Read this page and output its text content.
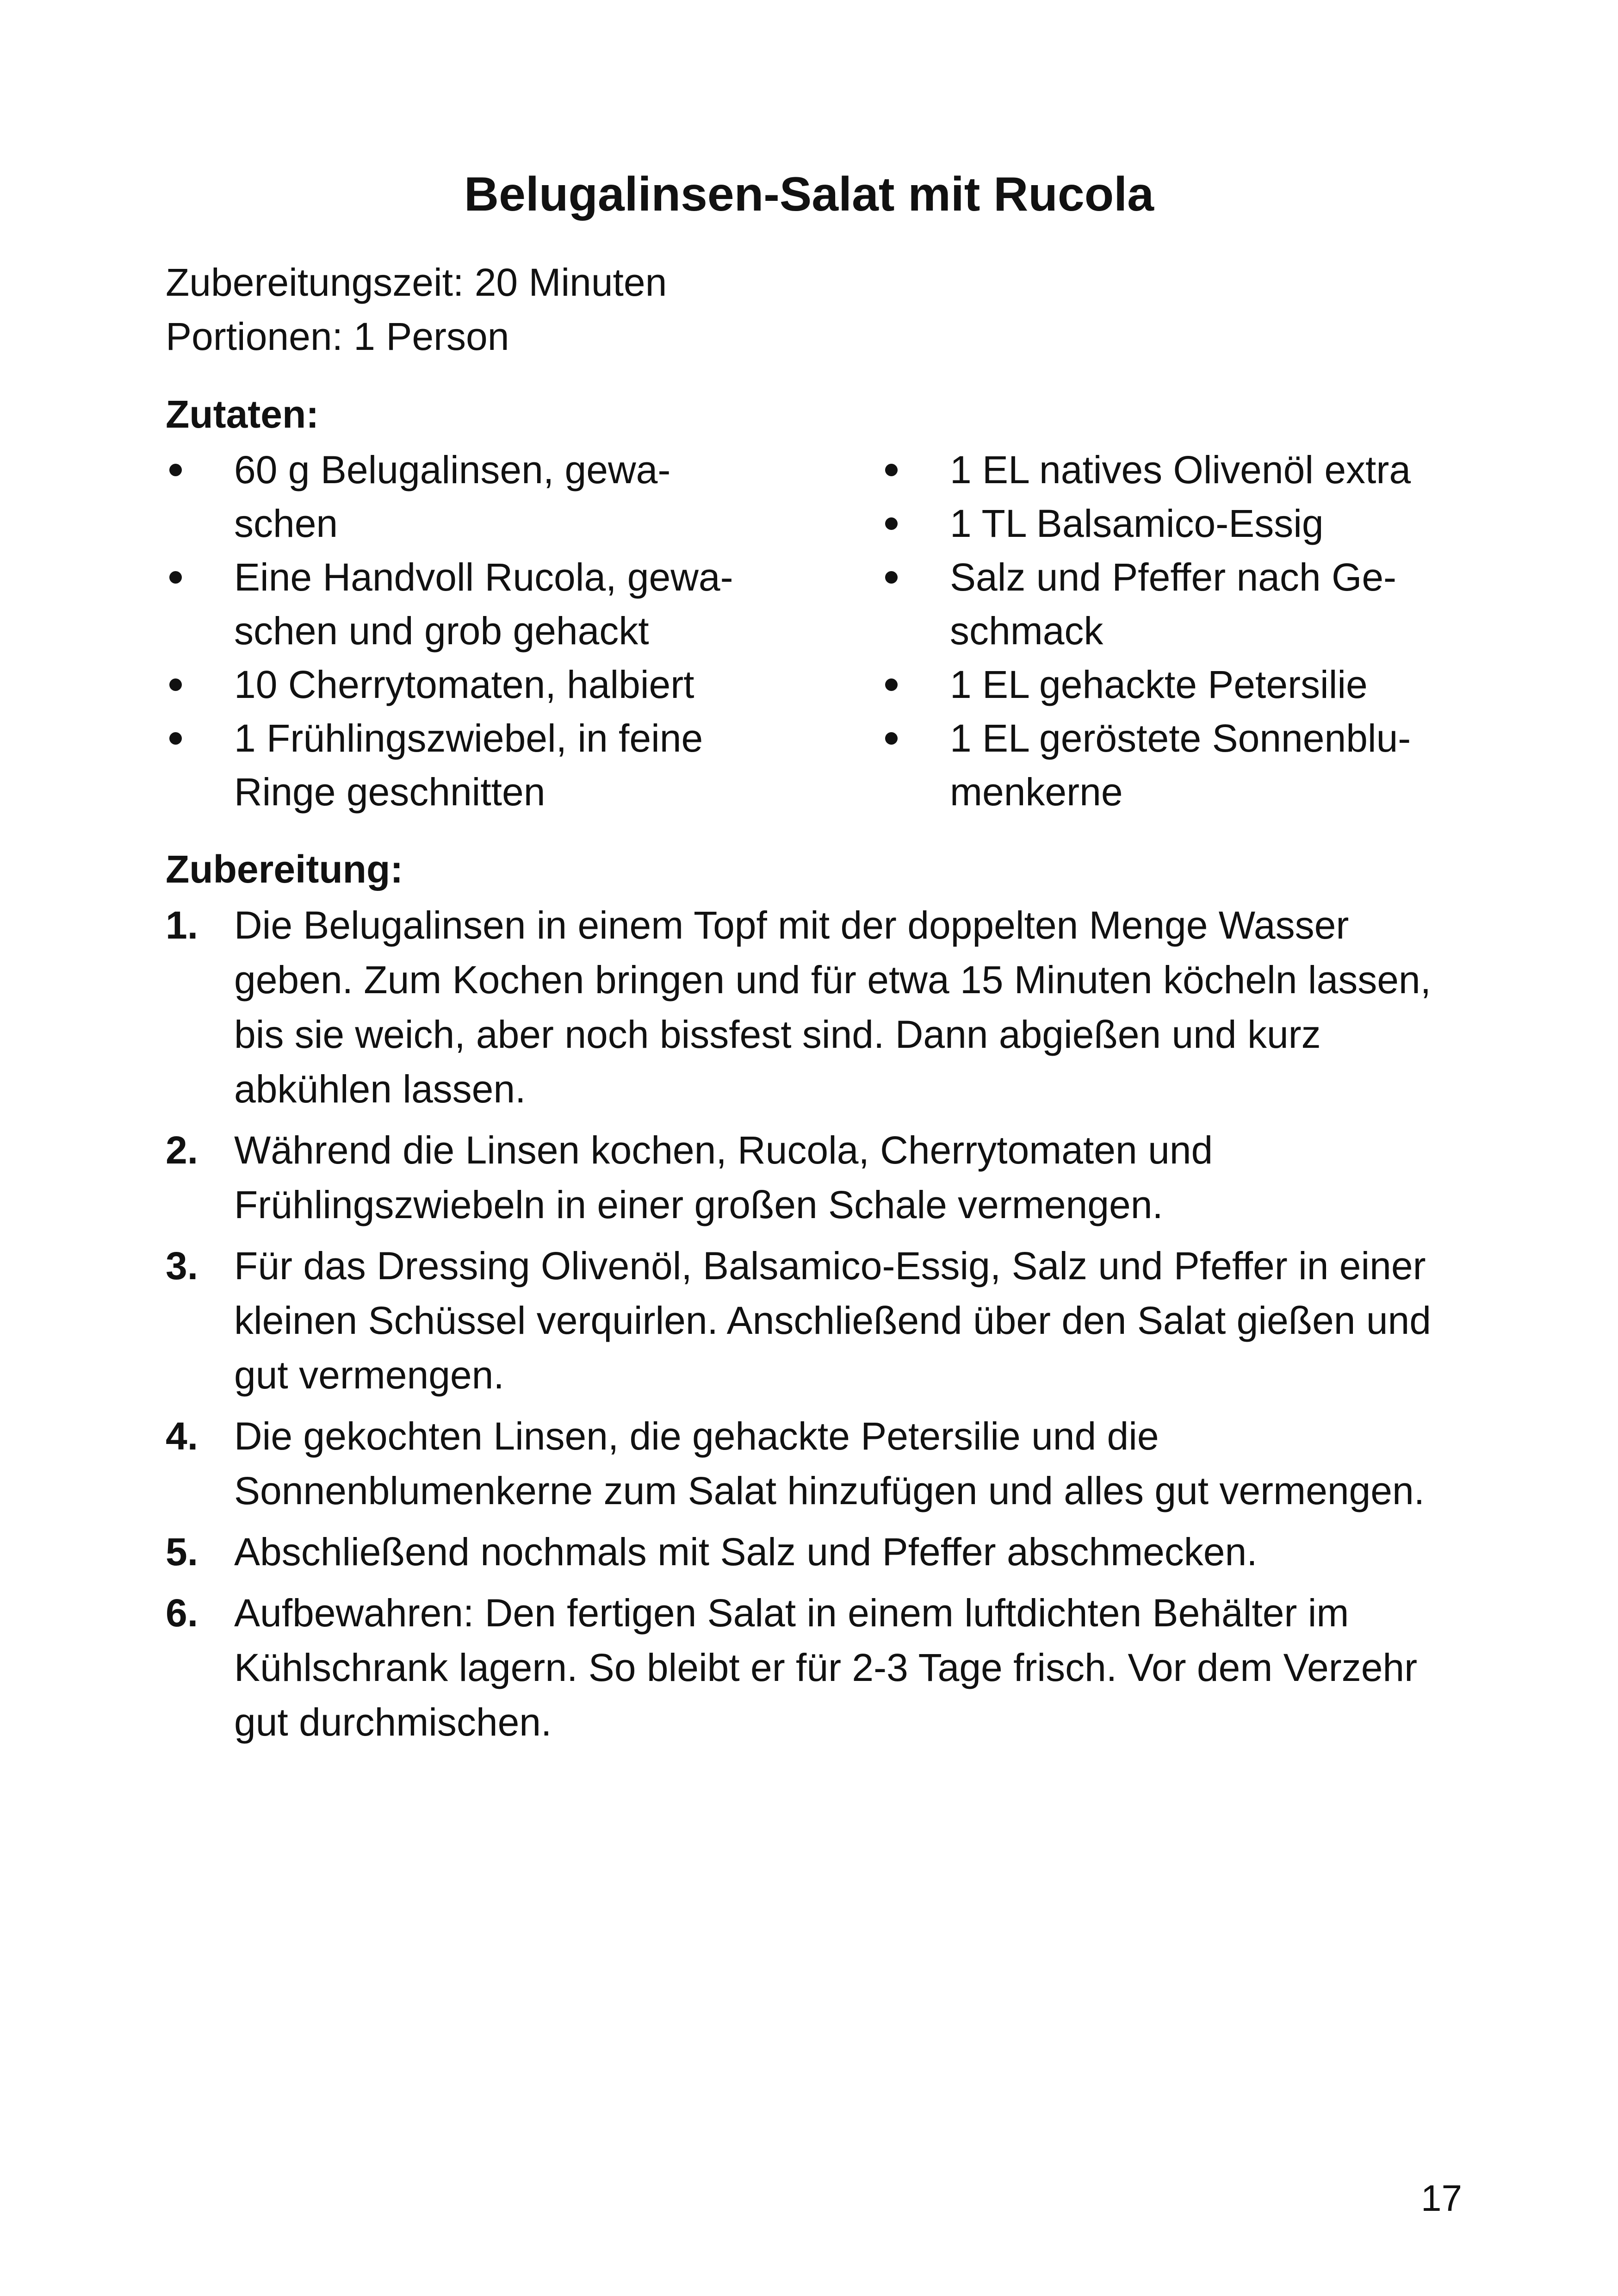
Belugalinsen-Salat mit Rucola
Zubereitungszeit: 20 Minuten
Portionen: 1 Person
Zutaten:
60 g Belugalinsen, gewa-
schen
Eine Handvoll Rucola, gewa-
schen und grob gehackt
10 Cherrytomaten, halbiert
1 Frühlingszwiebel, in feine
Ringe geschnitten
1 EL natives Olivenöl extra
1 TL Balsamico-Essig
Salz und Pfeffer nach Ge-
schmack
1 EL gehackte Petersilie
1 EL geröstete Sonnenblu-
menkerne
Zubereitung:
1. Die Belugalinsen in einem Topf mit der doppelten Menge Wasser geben. Zum Kochen bringen und für etwa 15 Minuten köcheln lassen, bis sie weich, aber noch bissfest sind. Dann abgießen und kurz abkühlen lassen.
2. Während die Linsen kochen, Rucola, Cherrytomaten und Frühlingszwiebeln in einer großen Schale vermengen.
3. Für das Dressing Olivenöl, Balsamico-Essig, Salz und Pfeffer in einer kleinen Schüssel verquirlen. Anschließend über den Salat gießen und gut vermengen.
4. Die gekochten Linsen, die gehackte Petersilie und die Sonnenblumenkerne zum Salat hinzufügen und alles gut vermengen.
5. Abschließend nochmals mit Salz und Pfeffer abschmecken.
6. Aufbewahren: Den fertigen Salat in einem luftdichten Behälter im Kühlschrank lagern. So bleibt er für 2-3 Tage frisch. Vor dem Verzehr gut durchmischen.
17
